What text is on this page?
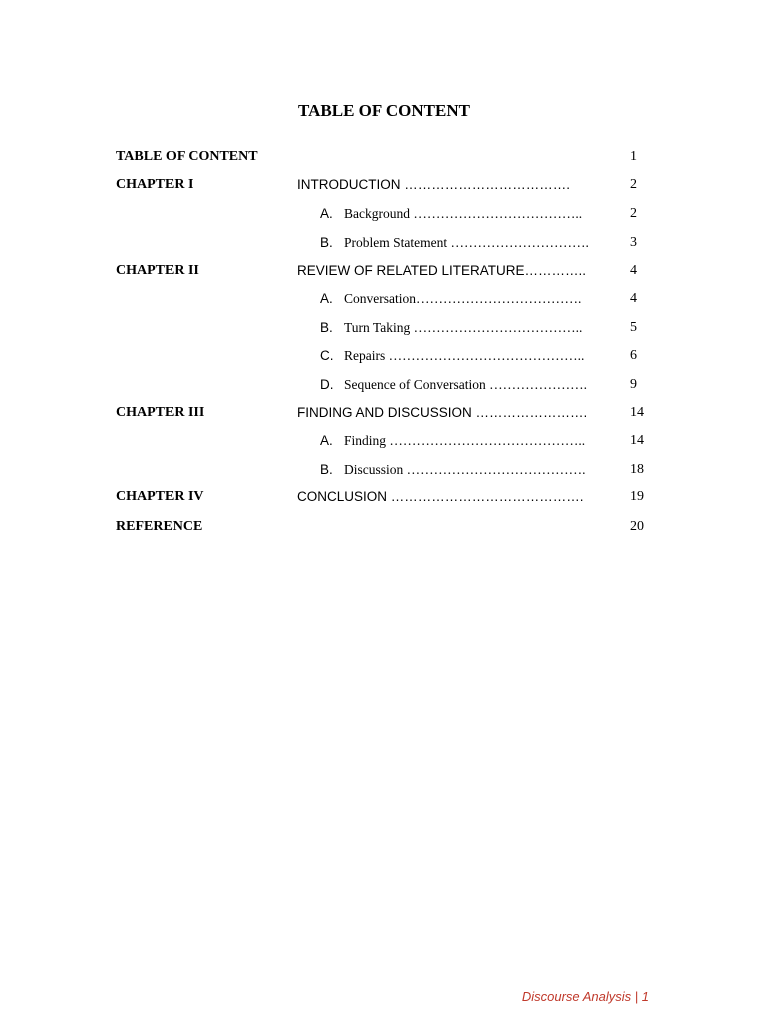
TABLE OF CONTENT
TABLE OF CONTENT	1
CHAPTER I	INTRODUCTION ……………………………….	2
A. Background ………………………………..	2
B. Problem Statement ………………………….	3
CHAPTER II	REVIEW OF RELATED LITERATURE…………..	4
A. Conversation……………………………….	4
B. Turn Taking ………………………………..	5
C. Repairs ……………………………………..	6
D. Sequence of Conversation ………………….	9
CHAPTER III	FINDING AND DISCUSSION …………………….	14
A. Finding ……………………………………..	14
B. Discussion ………………………………….	18
CHAPTER IV	CONCLUSION …………………………………….	19
REFERENCE	20
Discourse Analysis | 1
